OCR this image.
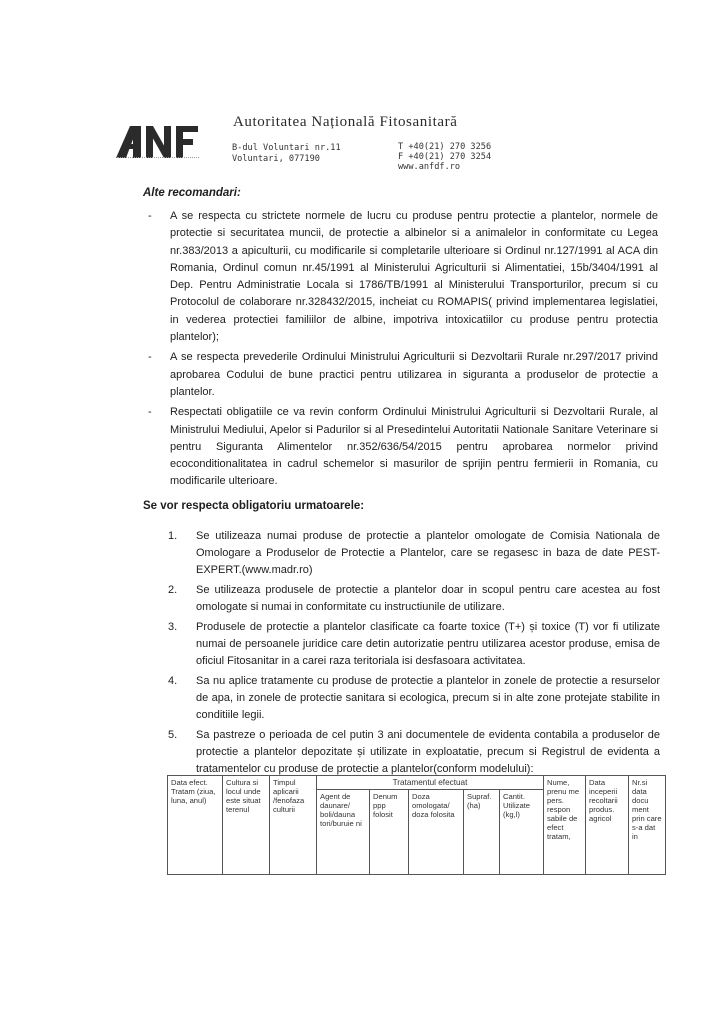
Autoritatea Națională Fitosanitară
B-dul Voluntari nr.11
Voluntari, 077190
T +40(21) 270 3256
F +40(21) 270 3254
www.anfdf.ro
Alte recomandari:
- A se respecta cu strictete normele de lucru cu produse pentru protectie a plantelor, normele de protectie si securitatea muncii, de protectie a albinelor si a animalelor in conformitate cu Legea nr.383/2013 a apiculturii, cu modificarile si completarile ulterioare si Ordinul nr.127/1991 al ACA din Romania, Ordinul comun nr.45/1991 al Ministerului Agriculturii si Alimentatiei, 15b/3404/1991 al Dep. Pentru Administratie Locala si 1786/TB/1991 al Ministerului Transporturilor, precum si cu Protocolul de colaborare nr.328432/2015, incheiat cu ROMAPIS( privind implementarea legislatiei, in vederea protectiei familiilor de albine, impotriva intoxicatiilor cu produse pentru protectia plantelor);
- A se respecta prevederile Ordinului Ministrului Agriculturii si Dezvoltarii Rurale nr.297/2017 privind aprobarea Codului de bune practici pentru utilizarea in siguranta a produselor de protectie a plantelor.
- Respectati obligatiile ce va revin conform Ordinului Ministrului Agriculturii si Dezvoltarii Rurale, al Ministrului Mediului, Apelor si Padurilor si al Presedintelui Autoritatii Nationale Sanitare Veterinare si pentru Siguranta Alimentelor nr.352/636/54/2015 pentru aprobarea normelor privind ecoconditionalitatea in cadrul schemelor si masurilor de sprijin pentru fermierii in Romania, cu modificarile ulterioare.
Se vor respecta obligatoriu urmatoarele:
1. Se utilizeaza numai produse de protectie a plantelor omologate de Comisia Nationala de Omologare a Produselor de Protectie a Plantelor, care se regasesc in baza de date PEST-EXPERT.(www.madr.ro)
2. Se utilizeaza produsele de protectie a plantelor doar in scopul pentru care acestea au fost omologate si numai in conformitate cu instructiunile de utilizare.
3. Produsele de protectie a plantelor clasificate ca foarte toxice (T+) și toxice (T) vor fi utilizate numai de persoanele juridice care detin autorizatie pentru utilizarea acestor produse, emisa de oficiul Fitosanitar in a carei raza teritoriala isi desfasoara activitatea.
4. Sa nu aplice tratamente cu produse de protectie a plantelor in zonele de protectie a resurselor de apa, in zonele de protectie sanitara si ecologica, precum si in alte zone protejate stabilite in conditiile legii.
5. Sa pastreze o perioada de cel putin 3 ani documentele de evidenta contabila a produselor de protectie a plantelor depozitate și utilizate in exploatatie, precum si Registrul de evidenta a tratamentelor cu produse de protectie a plantelor(conform modelului):
Data efect. Tratam (ziua, luna, anul)	Cultura si locul unde este situat terenul	Timpul aplicarii /fenofaza culturii	Tratamentul efectuat					Nume, prenu me pers. respon sabile de efect tratam,	Data inceperii recoltarii produs. agricol	Nr.si data docu ment prin care s-a dat in
			Agent de daunare/ boli/dauna tori/buruie ni	Denum ppp folosit	Doza omologata/ doza folosita	Supraf. (ha)	Cantit. Utilizate (kg,l)			
